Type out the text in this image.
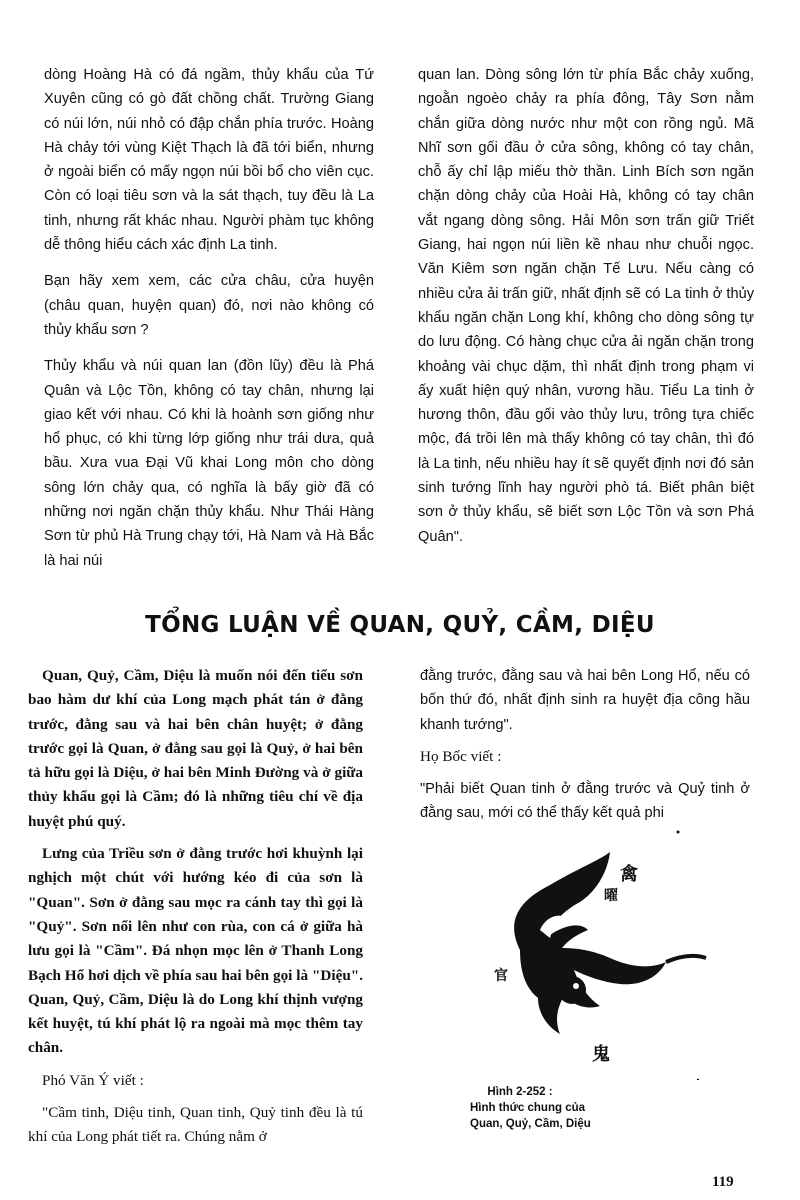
dòng Hoàng Hà có đá ngầm, thủy khẩu của Tứ Xuyên cũng có gò đất chồng chất. Trường Giang có núi lớn, núi nhỏ có đập chắn phía trước. Hoàng Hà chảy tới vùng Kiệt Thạch là đã tới biển, nhưng ở ngoài biển có mấy ngọn núi bồi bổ cho viên cục. Còn có loại tiêu sơn và la sát thạch, tuy đều là La tinh, nhưng rất khác nhau. Người phàm tục không dễ thông hiểu cách xác định La tinh.

Bạn hãy xem xem, các cửa châu, cửa huyện (châu quan, huyện quan) đó, nơi nào không có thủy khẩu sơn ?

Thủy khẩu và núi quan lan (đồn lũy) đều là Phá Quân và Lộc Tồn, không có tay chân, nhưng lại giao kết với nhau. Có khi là hoành sơn giống như hổ phục, có khi từng lớp giống như trái dưa, quả bầu. Xưa vua Đại Vũ khai Long môn cho dòng sông lớn chảy qua, có nghĩa là bấy giờ đã có những nơi ngăn chặn thủy khẩu. Như Thái Hàng Sơn từ phủ Hà Trung chạy tới, Hà Nam và Hà Bắc là hai núi

quan lan. Dòng sông lớn từ phía Bắc chảy xuống, ngoằn ngoèo chảy ra phía đông, Tây Sơn nằm chắn giữa dòng nước như một con rồng ngủ. Mã Nhĩ sơn gối đầu ở cửa sông, không có tay chân, chỗ ấy chỉ lập miếu thờ thần. Linh Bích sơn ngăn chặn dòng chảy của Hoài Hà, không có tay chân vắt ngang dòng sông. Hải Môn sơn trấn giữ Triết Giang, hai ngọn núi liền kề nhau như chuỗi ngọc. Văn Kiêm sơn ngăn chặn Tế Lưu. Nếu càng có nhiều cửa ải trấn giữ, nhất định sẽ có La tinh ở thủy khẩu ngăn chặn Long khí, không cho dòng sông tự do lưu động. Có hàng chục cửa ải ngăn chặn trong khoảng vài chục dặm, thì nhất định trong phạm vi ấy xuất hiện quý nhân, vương hầu. Tiểu La tinh ở hương thôn, đầu gối vào thủy lưu, trông tựa chiếc mộc, đá trồi lên mà thấy không có tay chân, thì đó là La tinh, nếu nhiều hay ít sẽ quyết định nơi đó sản sinh tướng lĩnh hay người phò tá. Biết phân biệt sơn ở thủy khẩu, sẽ biết sơn Lộc Tồn và sơn Phá Quân".

TỔNG LUẬN VỀ QUAN, QUỶ, CẦM, DIỆU

Quan, Quỷ, Cầm, Diệu là muốn nói đến tiểu sơn bao hàm dư khí của Long mạch phát tán ở đằng trước, đằng sau và hai bên chân huyệt; ở đằng trước gọi là Quan, ở đằng sau gọi là Quỷ, ở hai bên tả hữu gọi là Diệu, ở hai bên Minh Đường và ở giữa thủy khẩu gọi là Cầm; đó là những tiêu chí về địa huyệt phú quý.

Lưng của Triều sơn ở đằng trước hơi khuỳnh lại nghịch một chút với hướng kéo đi của sơn là "Quan". Sơn ở đằng sau mọc ra cánh tay thì gọi là "Quỷ". Sơn nổi lên như con rùa, con cá ở giữa hà lưu gọi là "Cầm". Đá nhọn mọc lên ở Thanh Long Bạch Hổ hơi dịch về phía sau hai bên gọi là "Diệu". Quan, Quỷ, Cầm, Diệu là do Long khí thịnh vượng kết huyệt, tú khí phát lộ ra ngoài mà mọc thêm tay chân.

Phó Văn Ý viết :

"Cầm tinh, Diệu tinh, Quan tinh, Quỷ tinh đều là tú khí của Long phát tiết ra. Chúng nằm ở

đằng trước, đằng sau và hai bên Long Hổ, nếu có bốn thứ đó, nhất định sinh ra huyệt địa công hầu khanh tướng".

Họ Bốc viết :

"Phải biết Quan tinh ở đằng trước và Quỷ tinh ở đằng sau, mới có thể thấy kết quả phi

禽
曜
鬼
官
Hình 2-252 :
Hình thức chung của
Quan, Quỷ, Cầm, Diệu
119
